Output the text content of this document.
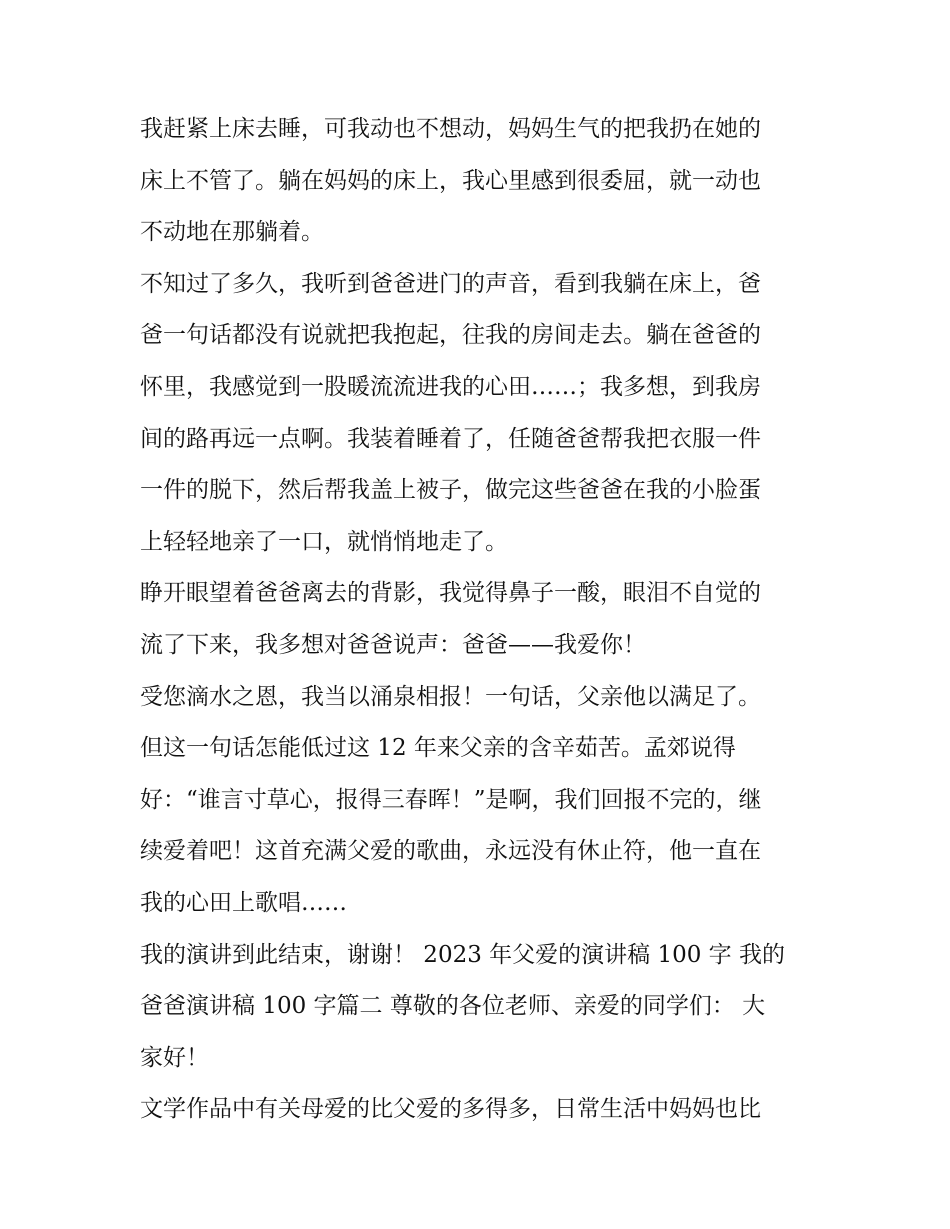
我赶紧上床去睡，可我动也不想动，妈妈生气的把我扔在她的
床上不管了。躺在妈妈的床上，我心里感到很委屈，就一动也
不动地在那躺着。
不知过了多久，我听到爸爸进门的声音，看到我躺在床上，爸
爸一句话都没有说就把我抱起，往我的房间走去。躺在爸爸的
怀里，我感觉到一股暖流流进我的心田……；我多想，到我房
间的路再远一点啊。我装着睡着了，任随爸爸帮我把衣服一件
一件的脱下，然后帮我盖上被子，做完这些爸爸在我的小脸蛋
上轻轻地亲了一口，就悄悄地走了。
睁开眼望着爸爸离去的背影，我觉得鼻子一酸，眼泪不自觉的
流了下来，我多想对爸爸说声：爸爸——我爱你！
受您滴水之恩，我当以涌泉相报！一句话，父亲他以满足了。
但这一句话怎能低过这 12 年来父亲的含辛茹苦。孟郊说得
好：“谁言寸草心，报得三春晖！”是啊，我们回报不完的，继
续爱着吧！这首充满父爱的歌曲，永远没有休止符，他一直在
我的心田上歌唱……
我的演讲到此结束，谢谢！ 2023 年父爱的演讲稿 100 字 我的
爸爸演讲稿 100 字篇二 尊敬的各位老师、亲爱的同学们： 大
家好！
文学作品中有关母爱的比父爱的多得多，日常生活中妈妈也比
